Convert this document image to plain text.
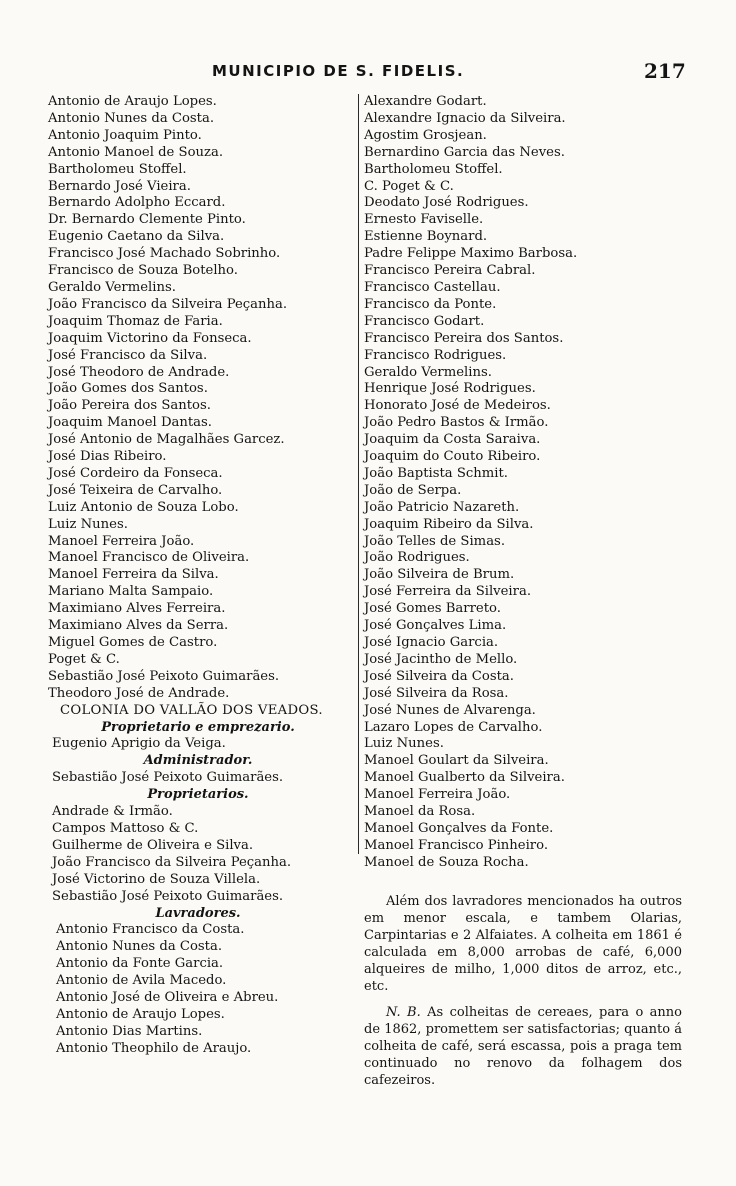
MUNICIPIO DE S. FIDELIS.	217
Antonio de Araujo Lopes.
Antonio Nunes da Costa.
Antonio Joaquim Pinto.
Antonio Manoel de Souza.
Bartholomeu Stoffel.
Bernardo José Vieira.
Bernardo Adolpho Eccard.
Dr. Bernardo Clemente Pinto.
Eugenio Caetano da Silva.
Francisco José Machado Sobrinho.
Francisco de Souza Botelho.
Geraldo Vermelins.
João Francisco da Silveira Peçanha.
Joaquim Thomaz de Faria.
Joaquim Victorino da Fonseca.
José Francisco da Silva.
José Theodoro de Andrade.
João Gomes dos Santos.
João Pereira dos Santos.
Joaquim Manoel Dantas.
José Antonio de Magalhães Garcez.
José Dias Ribeiro.
José Cordeiro da Fonseca.
José Teixeira de Carvalho.
Luiz Antonio de Souza Lobo.
Luiz Nunes.
Manoel Ferreira João.
Manoel Francisco de Oliveira.
Manoel Ferreira da Silva.
Mariano Malta Sampaio.
Maximiano Alves Ferreira.
Maximiano Alves da Serra.
Miguel Gomes de Castro.
Poget & C.
Sebastião José Peixoto Guimarães.
Theodoro José de Andrade.
COLONIA DO VALLÃO DOS VEADOS.
Proprietario e emprezario.
Eugenio Aprigio da Veiga.
Administrador.
Sebastião José Peixoto Guimarães.
Proprietarios.
Andrade & Irmão.
Campos Mattoso & C.
Guilherme de Oliveira e Silva.
João Francisco da Silveira Peçanha.
José Victorino de Souza Villela.
Sebastião José Peixoto Guimarães.
Lavradores.
Antonio Francisco da Costa.
Antonio Nunes da Costa.
Antonio da Fonte Garcia.
Antonio de Avila Macedo.
Antonio José de Oliveira e Abreu.
Antonio de Araujo Lopes.
Antonio Dias Martins.
Antonio Theophilo de Araujo.
Alexandre Godart.
Alexandre Ignacio da Silveira.
Agostim Grosjean.
Bernardino Garcia das Neves.
Bartholomeu Stoffel.
C. Poget & C.
Deodato José Rodrigues.
Ernesto Faviselle.
Estienne Boynard.
Padre Felippe Maximo Barbosa.
Francisco Pereira Cabral.
Francisco Castellau.
Francisco da Ponte.
Francisco Godart.
Francisco Pereira dos Santos.
Francisco Rodrigues.
Geraldo Vermelins.
Henrique José Rodrigues.
Honorato José de Medeiros.
João Pedro Bastos & Irmão.
Joaquim da Costa Saraiva.
Joaquim do Couto Ribeiro.
João Baptista Schmit.
João de Serpa.
João Patricio Nazareth.
Joaquim Ribeiro da Silva.
João Telles de Simas.
João Rodrigues.
João Silveira de Brum.
José Ferreira da Silveira.
José Gomes Barreto.
José Gonçalves Lima.
José Ignacio Garcia.
José Jacintho de Mello.
José Silveira da Costa.
José Silveira da Rosa.
José Nunes de Alvarenga.
Lazaro Lopes de Carvalho.
Luiz Nunes.
Manoel Goulart da Silveira.
Manoel Gualberto da Silveira.
Manoel Ferreira João.
Manoel da Rosa.
Manoel Gonçalves da Fonte.
Manoel Francisco Pinheiro.
Manoel de Souza Rocha.
Além dos lavradores mencionados ha outros em menor escala, e tambem Olarias, Carpintarias e 2 Alfaiates. A colheita em 1861 é calculada em 8,000 arrobas de café, 6,000 alqueires de milho, 1,000 ditos de arroz, etc., etc.
N. B. As colheitas de cereaes, para o anno de 1862, promettem ser satisfactorias; quanto á colheita de café, será escassa, pois a praga tem continuado no renovo da folhagem dos cafezeiros.
